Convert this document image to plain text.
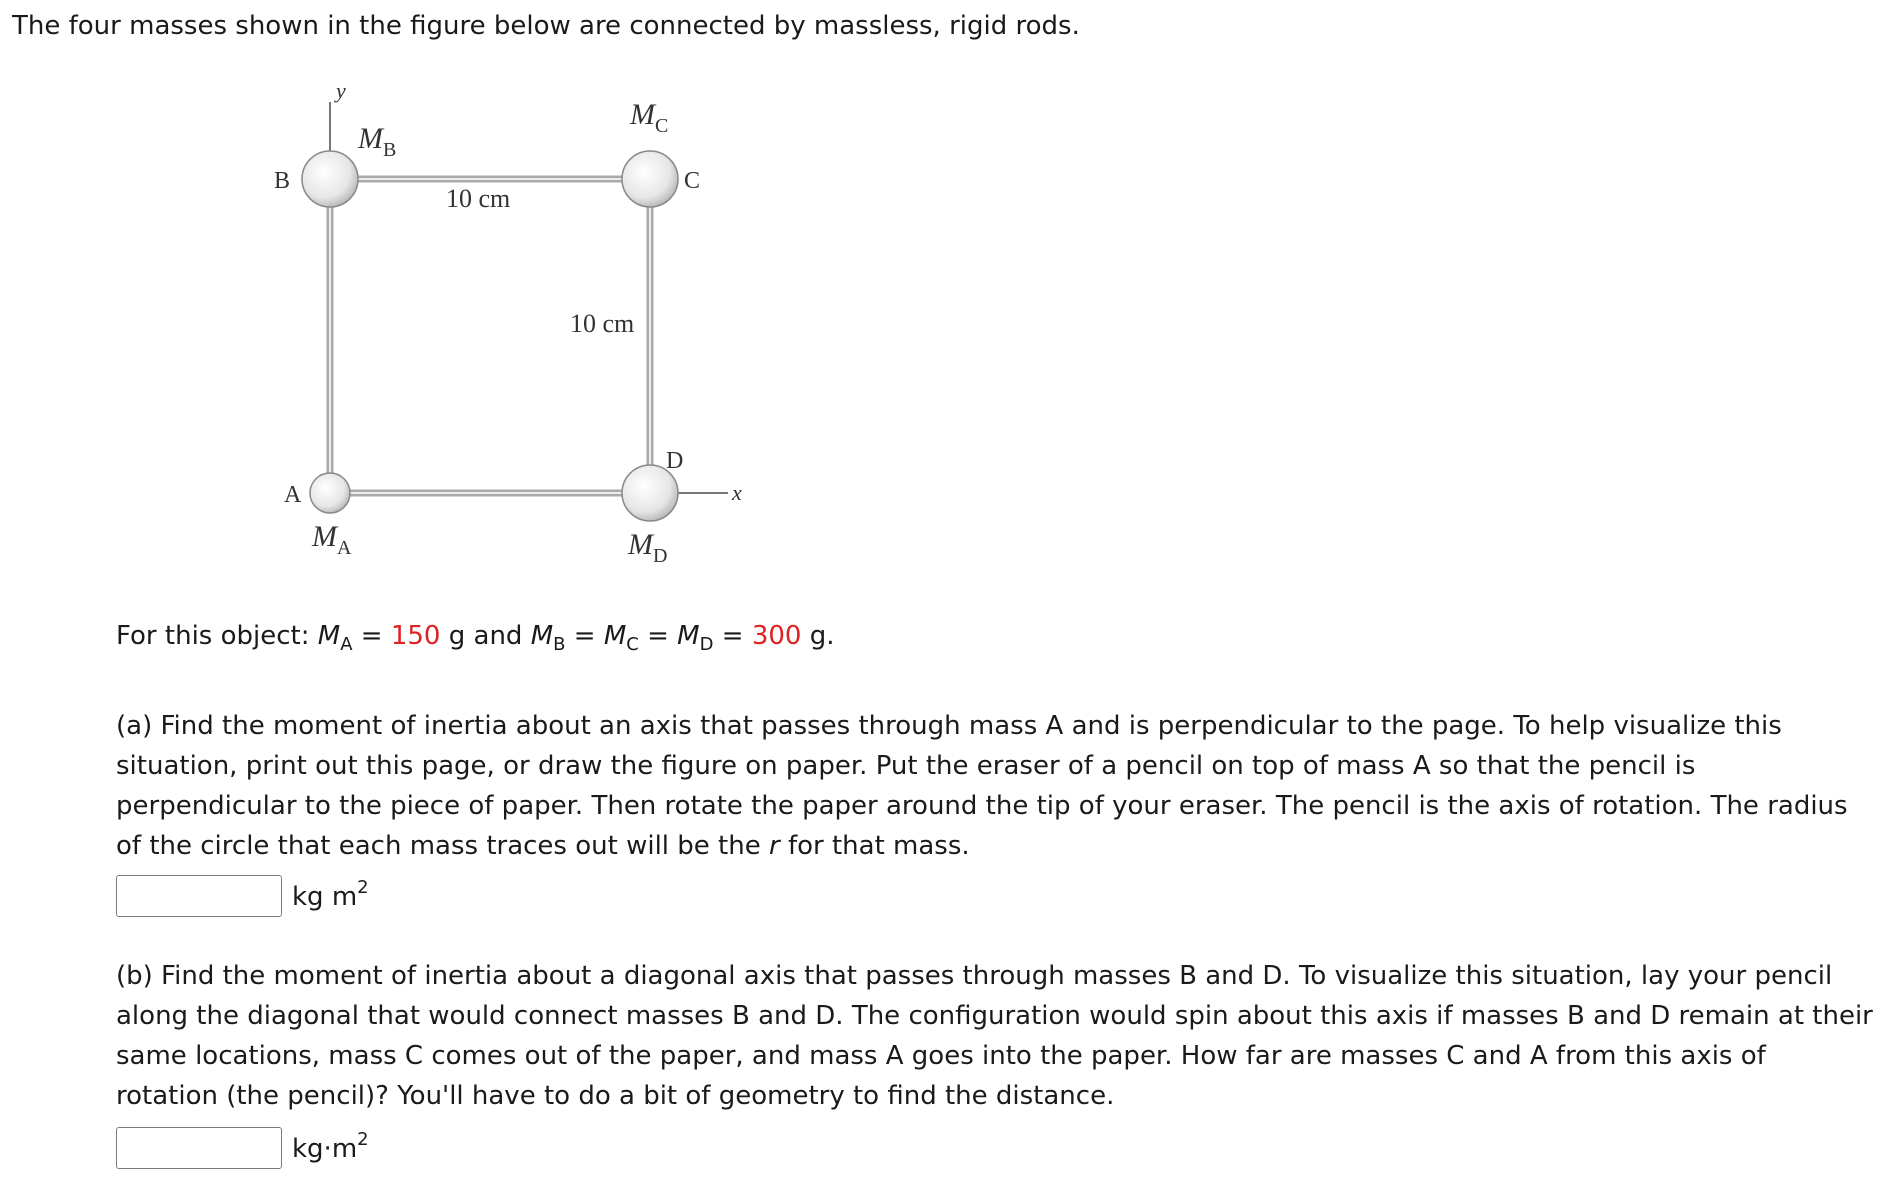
The four masses shown in the figure below are connected by massless, rigid rods.
y
x
B	C
D
A
$M_B$
$M_C$
$M_A$	$M_D$
10 cm
10 cm
For this object: $M_A = 150$ g and $M_B = M_C = M_D = 300$ g.
(a) Find the moment of inertia about an axis that passes through mass A and is perpendicular to the page. To help visualize this situation, print out this page, or draw the figure on paper. Put the eraser of a pencil on top of mass A so that the pencil is perpendicular to the piece of paper. Then rotate the paper around the tip of your eraser. The pencil is the axis of rotation. The radius of the circle that each mass traces out will be the r for that mass.
kg $m^2$
(b) Find the moment of inertia about a diagonal axis that passes through masses B and D. To visualize this situation, lay your pencil along the diagonal that would connect masses B and D. The configuration would spin about this axis if masses B and D remain at their same locations, mass C comes out of the paper, and mass A goes into the paper. How far are masses C and A from this axis of rotation (the pencil)? You'll have to do a bit of geometry to find the distance.
$kg\cdot m^2$
